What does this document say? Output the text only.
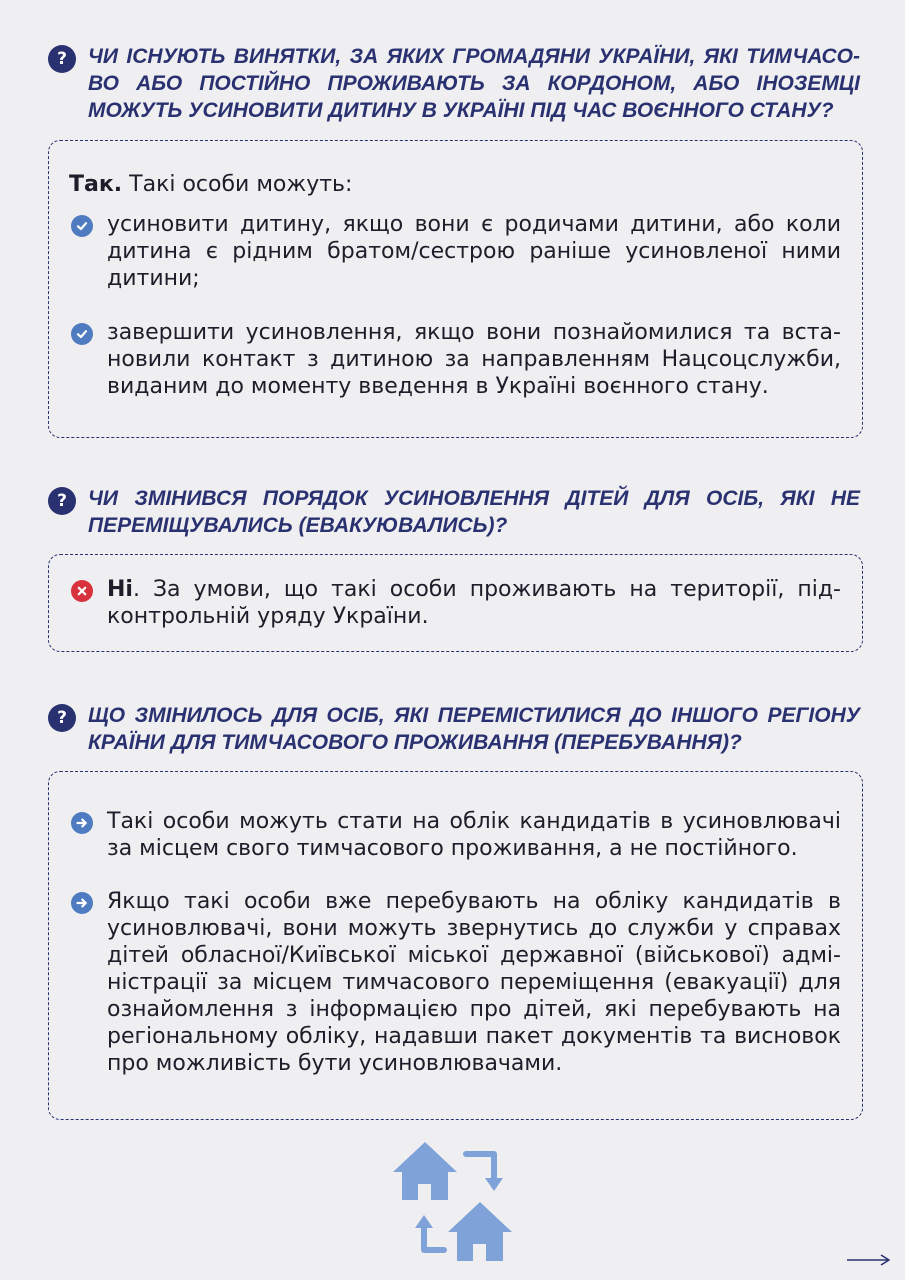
?	ЧИ ІСНУЮТЬ ВИНЯТКИ, ЗА ЯКИХ ГРОМАДЯНИ УКРАЇНИ, ЯКІ ТИМЧАСОВО АБО ПОСТІЙНО ПРОЖИВАЮТЬ ЗА КОРДОНОМ, АБО ІНОЗЕМЦІ МОЖУТЬ УСИНОВИТИ ДИТИНУ В УКРАЇНІ ПІД ЧАС ВОЄННОГО СТАНУ?

Так. Такі особи можуть:

усиновити дитину, якщо вони є родичами дитини, або коли дитина є рідним братом/сестрою раніше усиновленої ними дитини;

завершити усиновлення, якщо вони познайомилися та встановили контакт з дитиною за направленням Нацсоцслужби, виданим до моменту введення в Україні воєнного стану.

?	ЧИ ЗМІНИВСЯ ПОРЯДОК УСИНОВЛЕННЯ ДІТЕЙ ДЛЯ ОСІБ, ЯКІ НЕ ПЕРЕМІЩУВАЛИСЬ (ЕВАКУЮВАЛИСЬ)?

Ні. За умови, що такі особи проживають на території, підконтрольній уряду України.

?	ЩО ЗМІНИЛОСЬ ДЛЯ ОСІБ, ЯКІ ПЕРЕМІСТИЛИСЯ ДО ІНШОГО РЕГІОНУ КРАЇНИ ДЛЯ ТИМЧАСОВОГО ПРОЖИВАННЯ (ПЕРЕБУВАННЯ)?

Такі особи можуть стати на облік кандидатів в усиновлювачі за місцем свого тимчасового проживання, а не постійного.

Якщо такі особи вже перебувають на обліку кандидатів в усиновлювачі, вони можуть звернутись до служби у справах дітей обласної/Київської міської державної (військової) адміністрації за місцем тимчасового переміщення (евакуації) для ознайомлення з інформацією про дітей, які перебувають на регіональному обліку, надавши пакет документів та висновок про можливість бути усиновлювачами.
